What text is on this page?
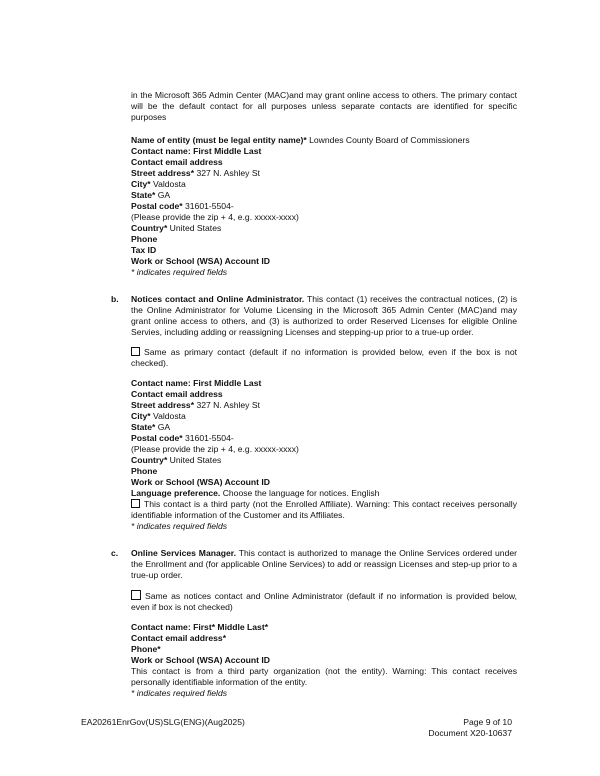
in the Microsoft 365 Admin Center (MAC)and may grant online access to others. The primary contact will be the default contact for all purposes unless separate contacts are identified for specific purposes

Name of entity (must be legal entity name)* Lowndes County Board of Commissioners
Contact name: First Middle Last
Contact email address
Street address* 327 N. Ashley St
City* Valdosta
State* GA
Postal code* 31601-5504-
(Please provide the zip + 4, e.g. xxxxx-xxxx)
Country* United States
Phone
Tax ID
Work or School (WSA) Account ID
* indicates required fields
b. Notices contact and Online Administrator. This contact (1) receives the contractual notices, (2) is the Online Administrator for Volume Licensing in the Microsoft 365 Admin Center (MAC)and may grant online access to others, and (3) is authorized to order Reserved Licenses for eligible Online Servies, including adding or reassigning Licenses and stepping-up prior to a true-up order.

Same as primary contact (default if no information is provided below, even if the box is not checked).

Contact name: First Middle Last
Contact email address
Street address* 327 N. Ashley St
City* Valdosta
State* GA
Postal code* 31601-5504-
(Please provide the zip + 4, e.g. xxxxx-xxxx)
Country* United States
Phone
Work or School (WSA) Account ID
Language preference. Choose the language for notices. English

This contact is a third party (not the Enrolled Affiliate). Warning: This contact receives personally identifiable information of the Customer and its Affiliates.

* indicates required fields
c. Online Services Manager. This contact is authorized to manage the Online Services ordered under the Enrollment and (for applicable Online Services) to add or reassign Licenses and step-up prior to a true-up order.

Same as notices contact and Online Administrator (default if no information is provided below, even if box is not checked)

Contact name: First* Middle Last*
Contact email address*
Phone*
Work or School (WSA) Account ID

This contact is from a third party organization (not the entity). Warning: This contact receives personally identifiable information of the entity.

* indicates required fields
EA20261EnrGov(US)SLG(ENG)(Aug2025)	Page 9 of 10
Document X20-10637
